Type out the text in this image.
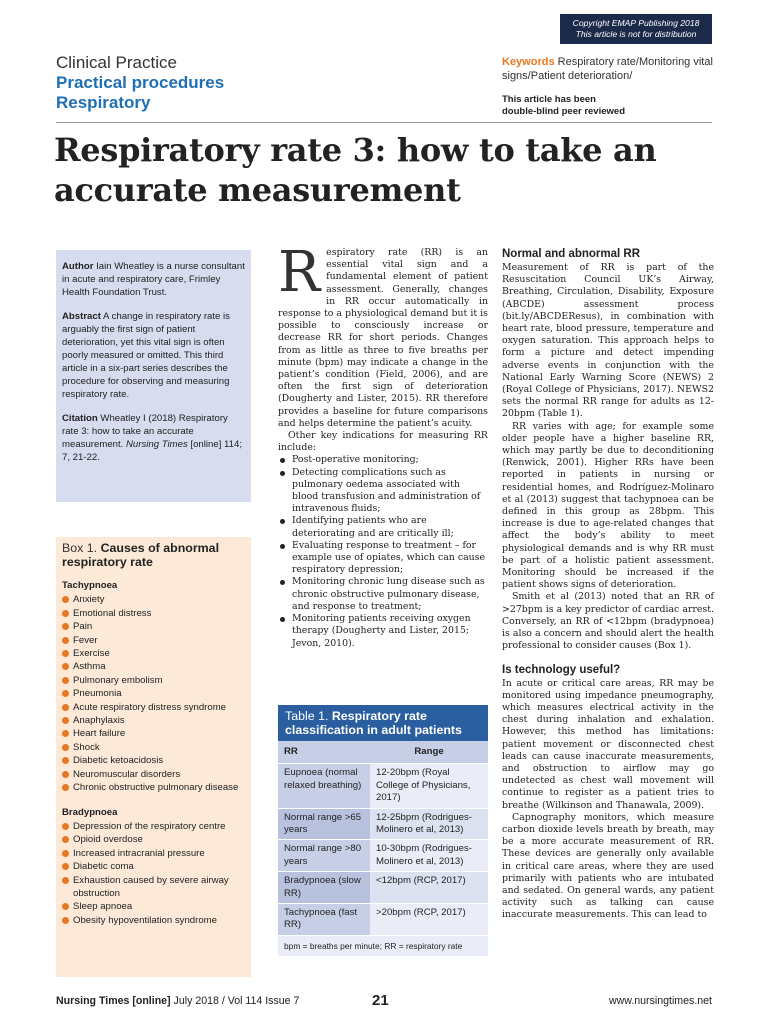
Copyright EMAP Publishing 2018
This article is not for distribution
Clinical Practice
Practical procedures
Respiratory
Keywords Respiratory rate/Monitoring vital signs/Patient deterioration/
This article has been
double-blind peer reviewed
Respiratory rate 3: how to take an accurate measurement

Author Iain Wheatley is a nurse consultant in acute and respiratory care, Frimley Health Foundation Trust.

Abstract A change in respiratory rate is arguably the first sign of patient deterioration, yet this vital sign is often poorly measured or omitted. This third article in a six-part series describes the procedure for observing and measuring respiratory rate.

Citation Wheatley I (2018) Respiratory rate 3: how to take an accurate measurement. Nursing Times [online] 114; 7, 21-22.

Box 1. Causes of abnormal respiratory rate
Tachypnoea
Anxiety
Emotional distress
Pain
Fever
Exercise
Asthma
Pulmonary embolism
Pneumonia
Acute respiratory distress syndrome
Anaphylaxis
Heart failure
Shock
Diabetic ketoacidosis
Neuromuscular disorders
Chronic obstructive pulmonary disease
Bradypnoea
Depression of the respiratory centre
Opioid overdose
Increased intracranial pressure
Diabetic coma
Exhaustion caused by severe airway obstruction
Sleep apnoea
Obesity hypoventilation syndrome
R espiratory rate (RR) is an essential vital sign and a fundamental element of patient assessment. Generally, changes in RR occur automatically in response to a physiological demand but it is possible to consciously increase or decrease RR for short periods. Changes from as little as three to five breaths per minute (bpm) may indicate a change in the patient’s condition (Field, 2006), and are often the first sign of deterioration (Dougherty and Lister, 2015). RR therefore provides a baseline for future comparisons and helps determine the patient’s acuity.

Other key indications for measuring RR include:

Post-operative monitoring;
Detecting complications such as pulmonary oedema associated with blood transfusion and administration of intravenous fluids;
Identifying patients who are deteriorating and are critically ill;
Evaluating response to treatment – for example use of opiates, which can cause respiratory depression;
Monitoring chronic lung disease such as chronic obstructive pulmonary disease, and response to treatment;
Monitoring patients receiving oxygen therapy (Dougherty and Lister, 2015; Jevon, 2010).
Table 1. Respiratory rate classification in adult patients
RR	Range
Eupnoea (normal relaxed breathing)	12-20bpm (Royal College of Physicians, 2017)
Normal range >65 years	12-25bpm (Rodrigues-Molinero et al, 2013)
Normal range >80 years	10-30bpm (Rodrigues-Molinero et al, 2013)
Bradypnoea (slow RR)	<12bpm (RCP, 2017)
Tachypnoea (fast RR)	>20bpm (RCP, 2017)
bpm = breaths per minute; RR = respiratory rate
Normal and abnormal RR

Measurement of RR is part of the Resuscitation Council UK’s Airway, Breathing, Circulation, Disability, Exposure (ABCDE) assessment process (bit.ly/ABCDEResus), in combination with heart rate, blood pressure, temperature and oxygen saturation. This approach helps to form a picture and detect impending adverse events in conjunction with the National Early Warning Score (NEWS) 2 (Royal College of Physicians, 2017). NEWS2 sets the normal RR range for adults as 12-20bpm (Table 1).

RR varies with age; for example some older people have a higher baseline RR, which may partly be due to deconditioning (Renwick, 2001). Higher RRs have been reported in patients in nursing or residential homes, and Rodríguez-Molinaro et al (2013) suggest that tachypnoea can be defined in this group as 28bpm. This increase is due to age-related changes that affect the body’s ability to meet physiological demands and is why RR must be part of a holistic patient assessment. Monitoring should be increased if the patient shows signs of deterioration.

Smith et al (2013) noted that an RR of >27bpm is a key predictor of cardiac arrest. Conversely, an RR of <12bpm (bradypnoea) is also a concern and should alert the health professional to consider causes (Box 1).

Is technology useful?

In acute or critical care areas, RR may be monitored using impedance pneumography, which measures electrical activity in the chest during inhalation and exhalation. However, this method has limitations: patient movement or disconnected chest leads can cause inaccurate measurements, and obstruction to airflow may go undetected as chest wall movement will continue to register as a patient tries to breathe (Wilkinson and Thanawala, 2009).

Capnography monitors, which measure carbon dioxide levels breath by breath, may be a more accurate measurement of RR. These devices are generally only available in critical care areas, where they are used primarily with patients who are intubated and sedated. On general wards, any patient activity such as talking can cause inaccurate measurements. This can lead to

Nursing Times [online] July 2018 / Vol 114 Issue 7	21	www.nursingtimes.net
